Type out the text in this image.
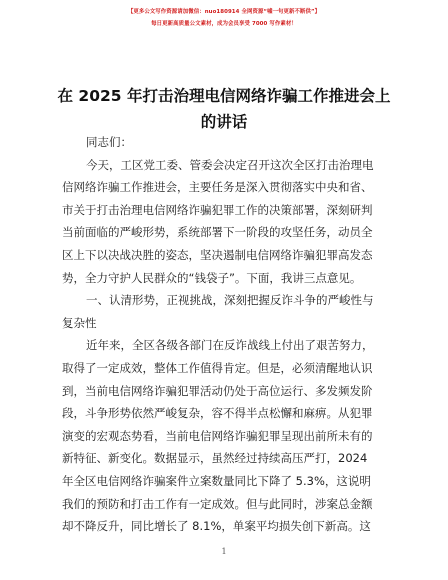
【更多公文写作资源请加微信：nuo180914 全网资源“嘘一句更新不断供”】
每日更新高质量公文素材，成为会员享受 7000 写作素材！
在 2025 年打击治理电信网络诈骗工作推进会上
的讲话
同志们：
今天，工区党工委、管委会决定召开这次全区打击治理电
信网络诈骗工作推进会，主要任务是深入贯彻落实中央和省、
市关于打击治理电信网络诈骗犯罪工作的决策部署，深刻研判
当前面临的严峻形势，系统部署下一阶段的攻坚任务，动员全
区上下以决战决胜的姿态，坚决遏制电信网络诈骗犯罪高发态
势，全力守护人民群众的“钱袋子”。下面，我讲三点意见。
一、认清形势，正视挑战，深刻把握反诈斗争的严峻性与
复杂性
近年来，全区各级各部门在反诈战线上付出了艰苦努力，
取得了一定成效，整体工作值得肯定。但是，必须清醒地认识
到，当前电信网络诈骗犯罪活动仍处于高位运行、多发频发阶
段，斗争形势依然严峻复杂，容不得半点松懈和麻痹。从犯罪
演变的宏观态势看，当前电信网络诈骗犯罪呈现出前所未有的
新特征、新变化。数据显示，虽然经过持续高压严打，2024
年全区电信网络诈骗案件立案数量同比下降了 5.3%，这说明
我们的预防和打击工作有一定成效。但与此同时，涉案总金额
却不降反升，同比增长了 8.1%，单案平均损失创下新高。这
1
